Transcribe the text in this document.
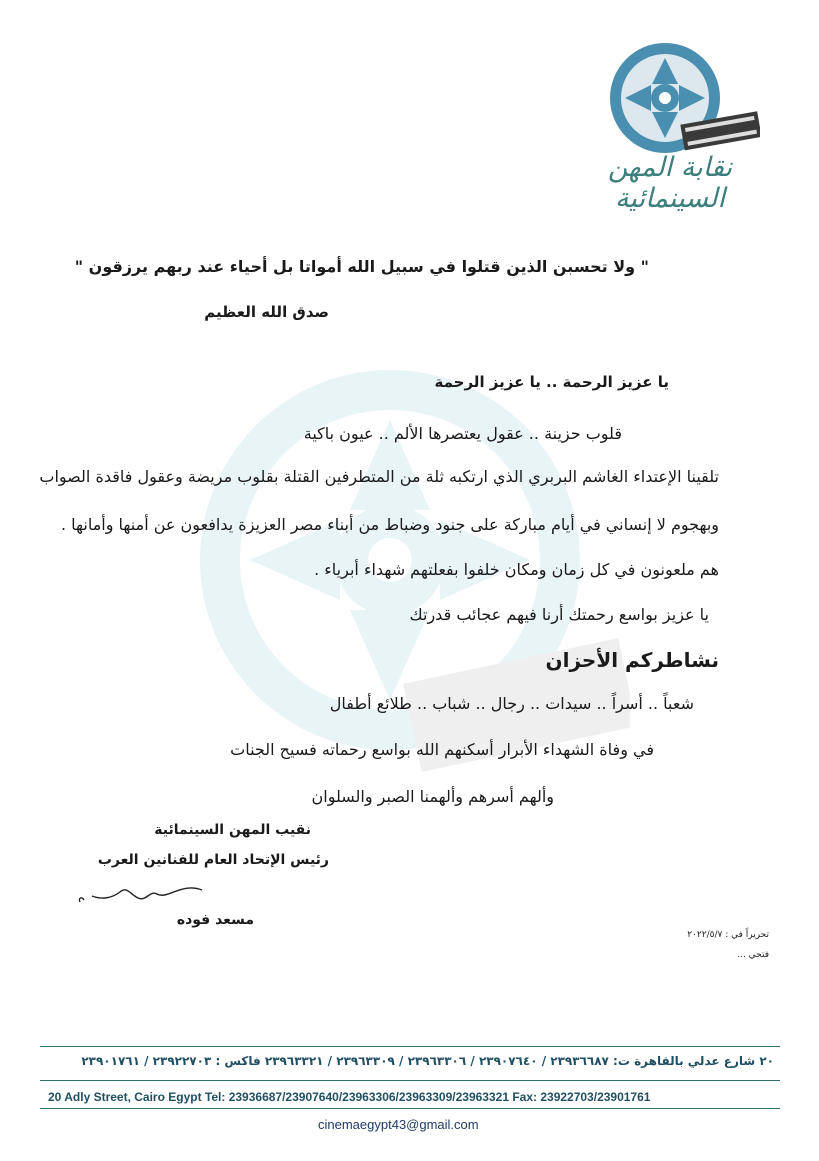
نقابة المهن السينمائية
" ولا تحسبن الذين قتلوا في سبيل الله أمواتا بل أحياء عند ربهم يرزقون "
صدق الله العظيم
يا عزيز الرحمة .. يا عزيز الرحمة
قلوب حزينة .. عقول يعتصرها الألم .. عيون باكية
تلقينا الإعتداء الغاشم البربري الذي ارتكبه ثلة من المتطرفين القتلة بقلوب مريضة وعقول فاقدة الصواب
وبهجوم لا إنساني في أيام مباركة على جنود وضباط من أبناء مصر العزيزة يدافعون عن أمنها وأمانها .
هم ملعونون في كل زمان ومكان خلفوا بفعلتهم شهداء أبرياء .
يا عزيز بواسع رحمتك أرنا فيهم عجائب قدرتك
نشاطركم الأحزان
شعباً .. أسراً .. سيدات .. رجال .. شباب .. طلائع أطفال
في وفاة الشهداء الأبرار أسكنهم الله بواسع رحماته فسيح الجنات
وألهم أسرهم وألهمنا الصبر والسلوان
نقيب المهن السينمائية
رئيس الإتحاد العام للفنانين العرب
مسعد فوده
تحريراً في : ٢٠٢٢/٥/٧
فتحي ...
٢٠ شارع عدلي بالقاهرة ت: ٢٣٩٣٦٦٨٧ / ٢٣٩٠٧٦٤٠ / ٢٣٩٦٣٣٠٦ / ٢٣٩٦٣٣٠٩ / ٢٣٩٦٣٣٢١ فاكس : ٢٣٩٢٢٧٠٣ / ٢٣٩٠١٧٦١
20 Adly Street, Cairo Egypt Tel: 23936687/23907640/23963306/23963309/23963321 Fax: 23922703/23901761
cinemaegypt43@gmail.com
